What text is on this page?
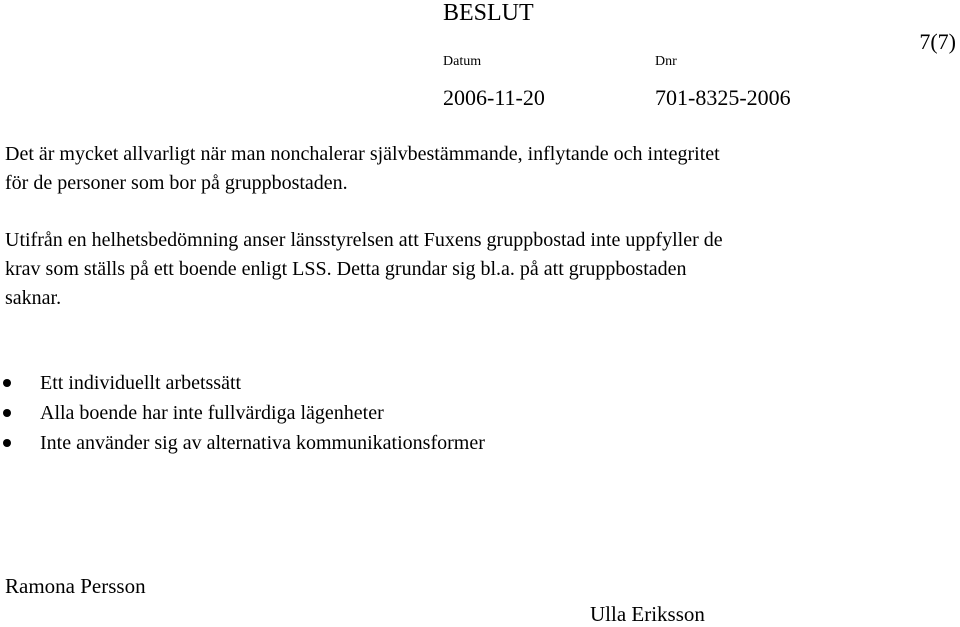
BESLUT
7(7)
Datum	Dnr
2006-11-20	701-8325-2006
Det är mycket allvarligt när man nonchalerar självbestämmande, inflytande och integritet
för de personer som bor på gruppbostaden.
Utifrån en helhetsbedömning anser länsstyrelsen att Fuxens gruppbostad inte uppfyller de
krav som ställs på ett boende enligt LSS. Detta grundar sig bl.a. på att gruppbostaden
saknar.
Ett individuellt arbetssätt
Alla boende har inte fullvärdiga lägenheter
Inte använder sig av alternativa kommunikationsformer
Ramona Persson
Ulla Eriksson
